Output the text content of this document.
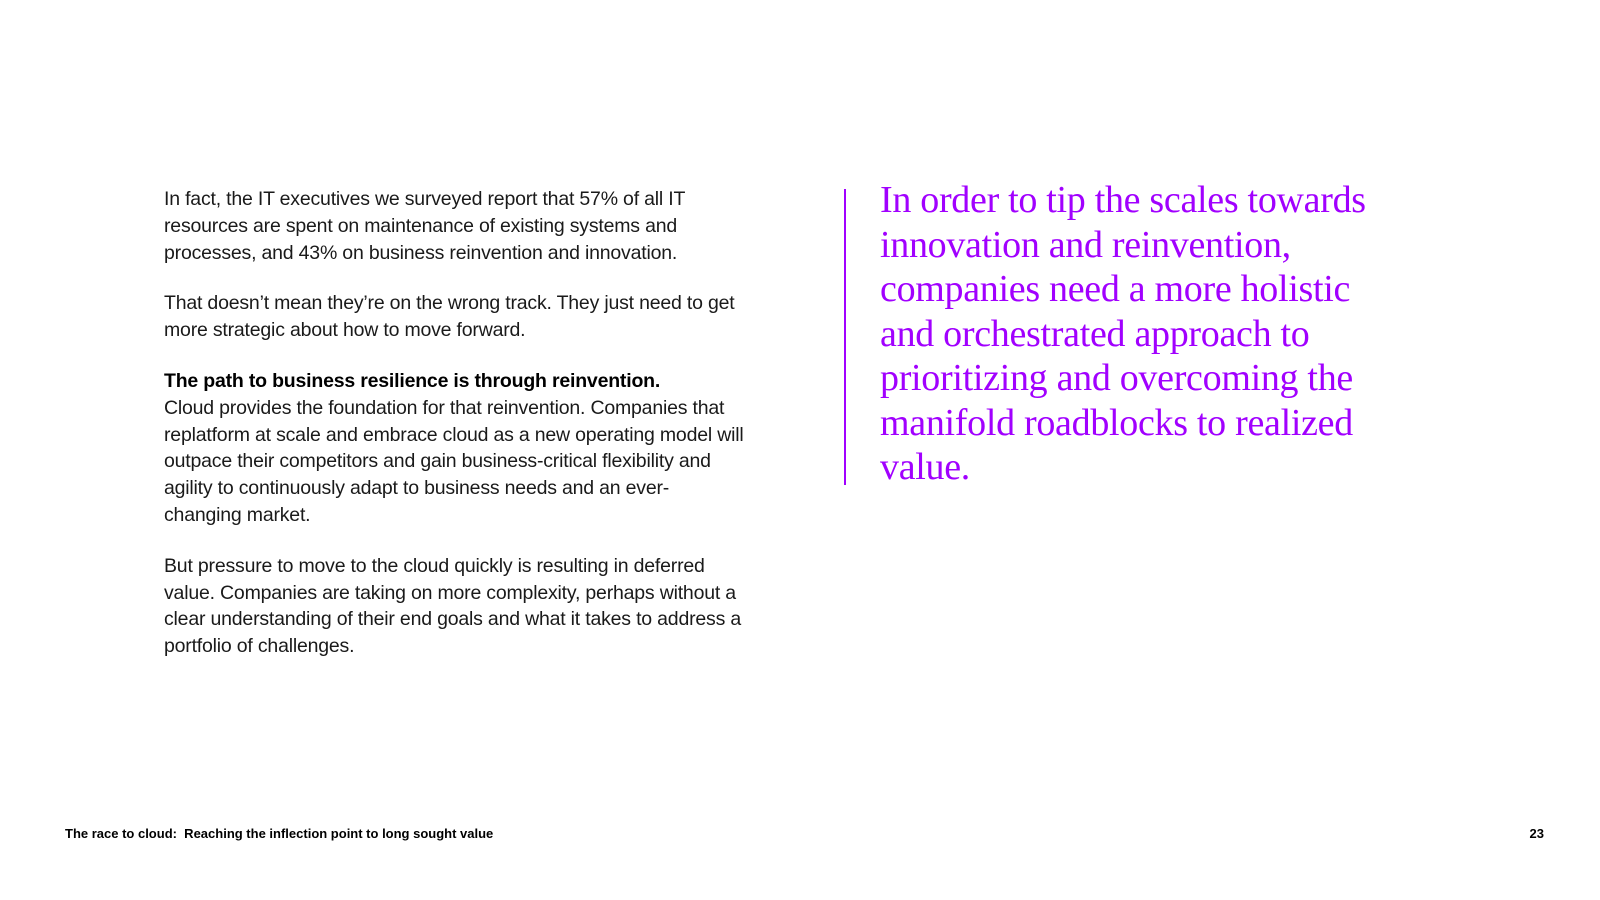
In fact, the IT executives we surveyed report that 57% of all IT resources are spent on maintenance of existing systems and processes, and 43% on business reinvention and innovation.

That doesn’t mean they’re on the wrong track. They just need to get more strategic about how to move forward.

The path to business resilience is through reinvention.
Cloud provides the foundation for that reinvention. Companies that replatform at scale and embrace cloud as a new operating model will outpace their competitors and gain business-critical flexibility and agility to continuously adapt to business needs and an ever-changing market.

But pressure to move to the cloud quickly is resulting in deferred value. Companies are taking on more complexity, perhaps without a clear understanding of their end goals and what it takes to address a portfolio of challenges.

In order to tip the scales towards innovation and reinvention, companies need a more holistic and orchestrated approach to prioritizing and overcoming the manifold roadblocks to realized value.

The race to cloud:  Reaching the inflection point to long sought value	23
